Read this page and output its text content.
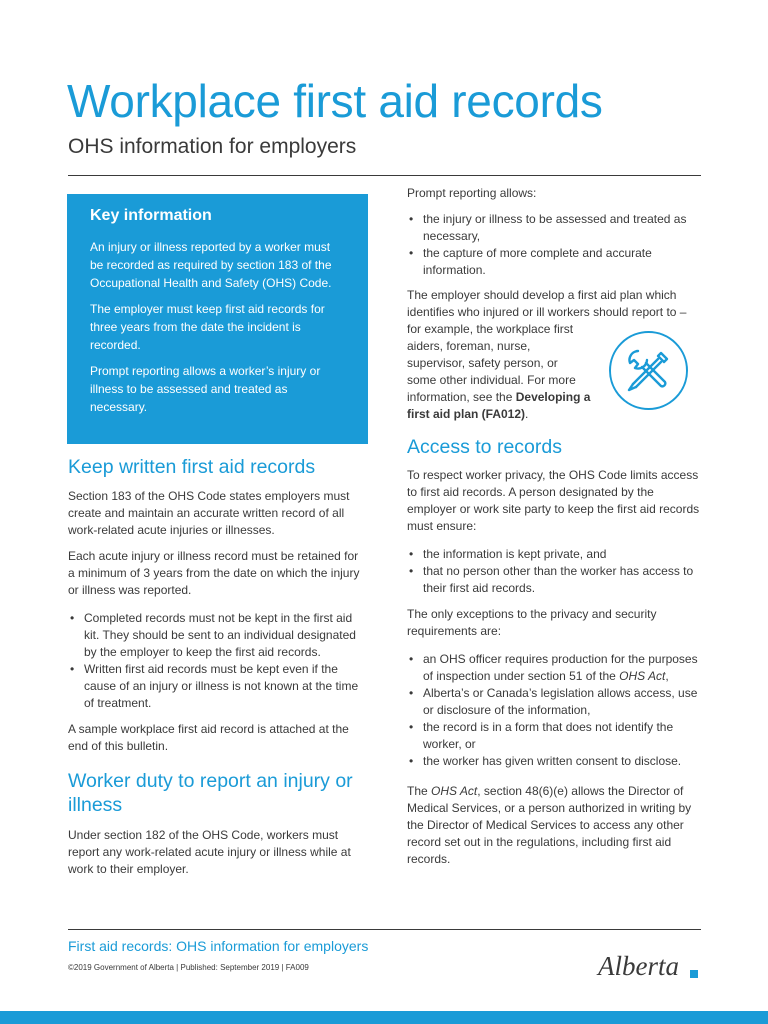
Workplace first aid records
OHS information for employers
Key information

An injury or illness reported by a worker must be recorded as required by section 183 of the Occupational Health and Safety (OHS) Code.

The employer must keep first aid records for three years from the date the incident is recorded.

Prompt reporting allows a worker’s injury or illness to be assessed and treated as necessary.

Keep written first aid records

Section 183 of the OHS Code states employers must create and maintain an accurate written record of all work-related acute injuries or illnesses.

Each acute injury or illness record must be retained for a minimum of 3 years from the date on which the injury or illness was reported.

• Completed records must not be kept in the first aid kit. They should be sent to an individual designated by the employer to keep the first aid records.
• Written first aid records must be kept even if the cause of an injury or illness is not known at the time of treatment.

A sample workplace first aid record is attached at the end of this bulletin.

Worker duty to report an injury or illness

Under section 182 of the OHS Code, workers must report any work-related acute injury or illness while at work to their employer.

Prompt reporting allows:

• the injury or illness to be assessed and treated as necessary,
• the capture of more complete and accurate information.

The employer should develop a first aid plan which identifies who injured or ill workers should report to –

for example, the workplace first
aiders, foreman, nurse,
supervisor, safety person, or
some other individual. For more
information, see the Developing a
first aid plan (FA012).
Access to records

To respect worker privacy, the OHS Code limits access to first aid records. A person designated by the employer or work site party to keep the first aid records must ensure:

• the information is kept private, and
• that no person other than the worker has access to their first aid records.

The only exceptions to the privacy and security requirements are:

• an OHS officer requires production for the purposes of inspection under section 51 of the OHS Act,
• Alberta’s or Canada’s legislation allows access, use or disclosure of the information,
• the record is in a form that does not identify the worker, or
• the worker has given written consent to disclose.

The OHS Act, section 48(6)(e) allows the Director of Medical Services, or a person authorized in writing by the Director of Medical Services to access any other record set out in the regulations, including first aid records.

First aid records: OHS information for employers
©2019 Government of Alberta | Published: September 2019 | FA009	Alberta
